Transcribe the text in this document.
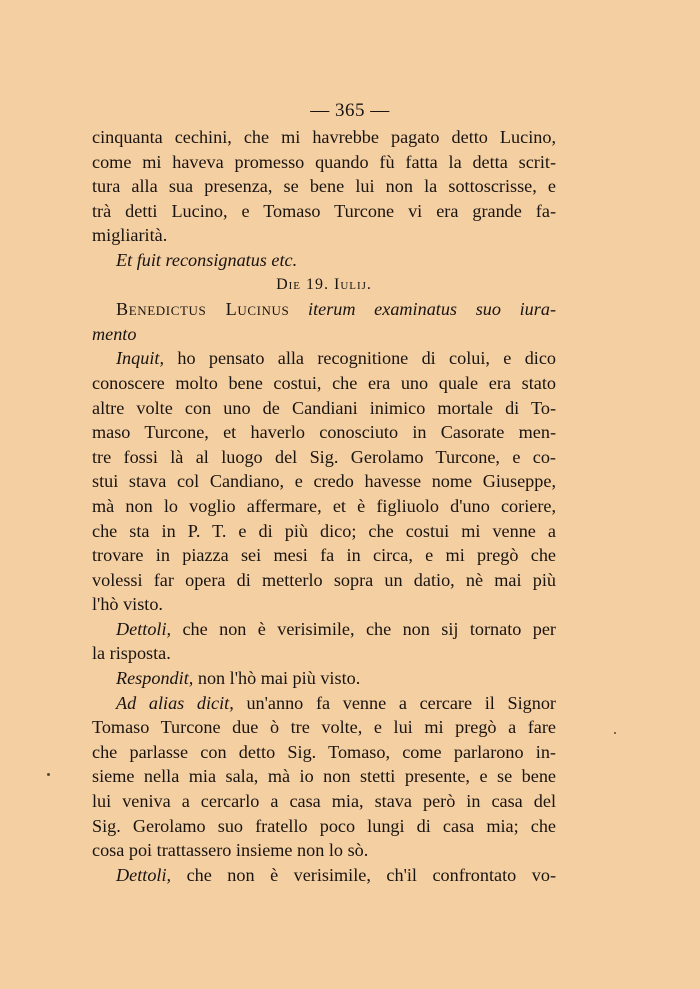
— 365 —
cinquanta cechini, che mi havrebbe pagato detto Lucino,
come mi haveva promesso quando fù fatta la detta scrit-
tura alla sua presenza, se bene lui non la sottoscrisse, e
trà detti Lucino, e Tomaso Turcone vi era grande fa-
migliarità.
Et fuit reconsignatus etc.
Die 19. Iulij.
Benedictus Lucinus iterum examinatus suo iura-
mento
Inquit, ho pensato alla recognitione di colui, e dico
conoscere molto bene costui, che era uno quale era stato
altre volte con uno de Candiani inimico mortale di To-
maso Turcone, et haverlo conosciuto in Casorate men-
tre fossi là al luogo del Sig. Gerolamo Turcone, e co-
stui stava col Candiano, e credo havesse nome Giuseppe,
mà non lo voglio affermare, et è figliuolo d'uno coriere,
che sta in P. T. e di più dico; che costui mi venne a
trovare in piazza sei mesi fa in circa, e mi pregò che
volessi far opera di metterlo sopra un datio, nè mai più
l'hò visto.
Dettoli, che non è verisimile, che non sij tornato per
la risposta.
Respondit, non l'hò mai più visto.
Ad alias dicit, un'anno fa venne a cercare il Signor
Tomaso Turcone due ò tre volte, e lui mi pregò a fare
che parlasse con detto Sig. Tomaso, come parlarono in-
sieme nella mia sala, mà io non stetti presente, e se bene
lui veniva a cercarlo a casa mia, stava però in casa del
Sig. Gerolamo suo fratello poco lungi di casa mia; che
cosa poi trattassero insieme non lo sò.
Dettoli, che non è verisimile, ch'il confrontato vo-
